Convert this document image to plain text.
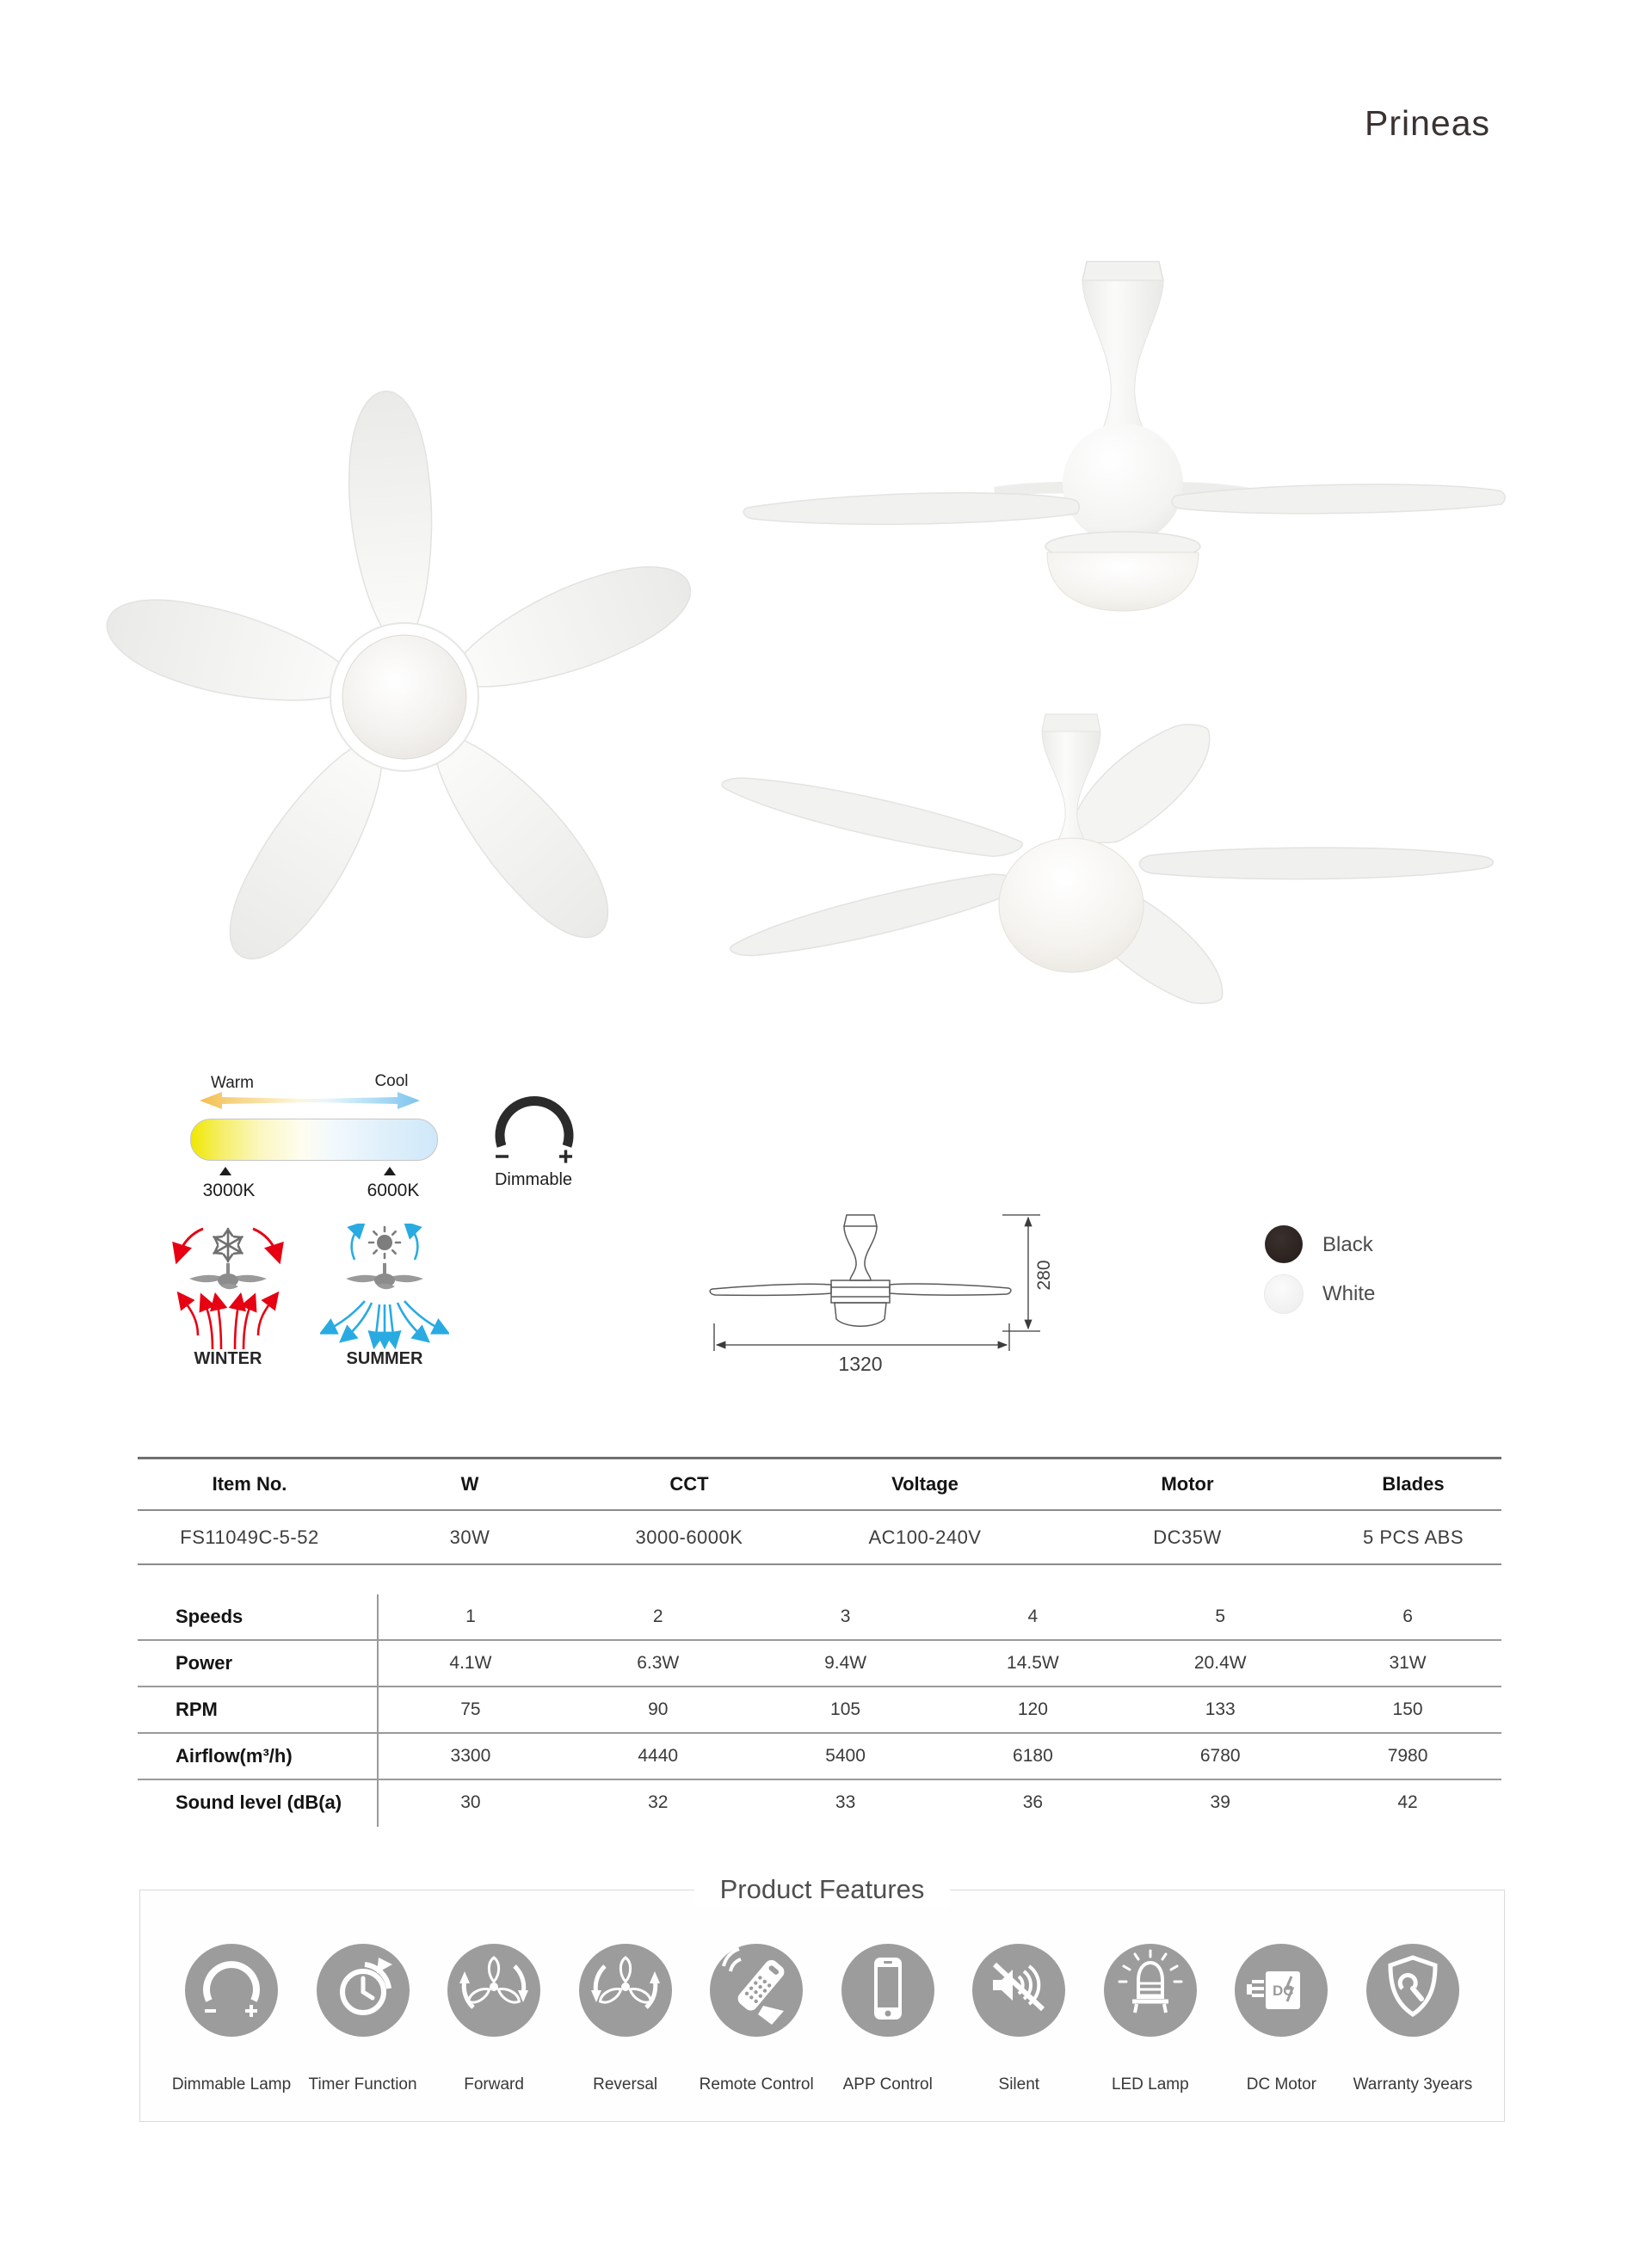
Prineas
Warm	Cool
3000K	6000K
Dimmable
WINTER	SUMMER
280
1320
Black
White
Item No.	W	CCT	Voltage	Motor	Blades
FS11049C-5-52	30W	3000-6000K	AC100-240V	DC35W	5 PCS ABS
Speeds	1	2	3	4	5	6
Power	4.1W	6.3W	9.4W	14.5W	20.4W	31W
RPM	75	90	105	120	133	150
Airflow(m³/h)	3300	4440	5400	6180	6780	7980
Sound level (dB(a)	30	32	33	36	39	42
Product Features
Dimmable Lamp	Timer Function	Forward	Reversal	Remote Control	APP Control	Silent	LED Lamp
DC
DC Motor	Warranty 3years
